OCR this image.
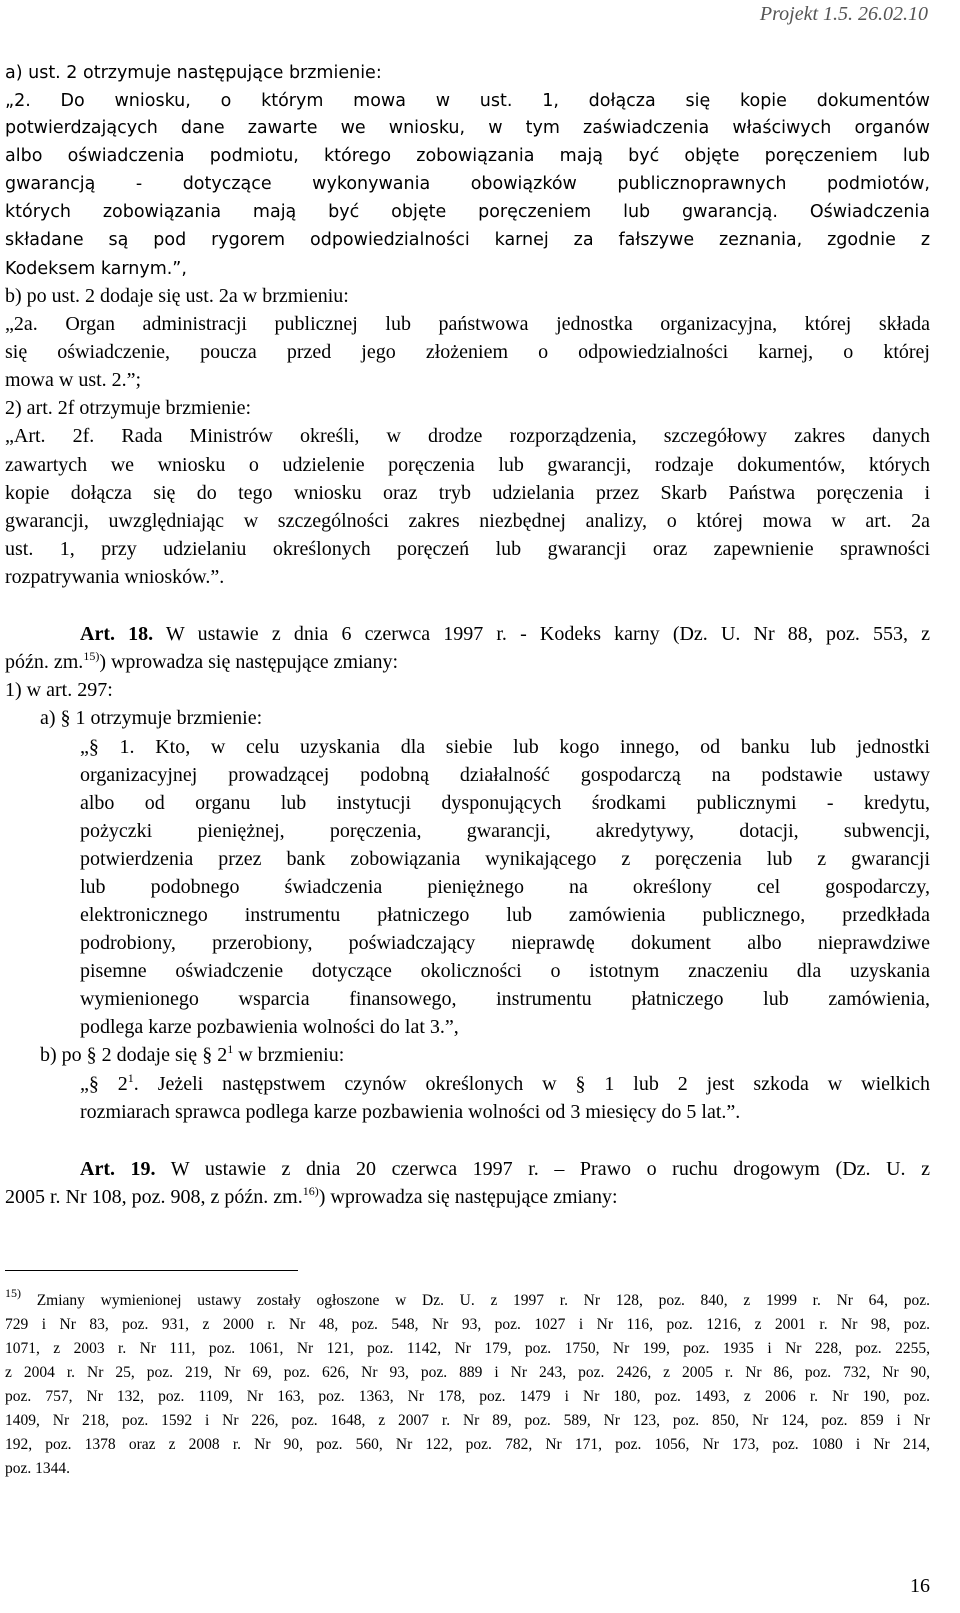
Projekt 1.5. 26.02.10
a) ust. 2 otrzymuje następujące brzmienie:
„2. Do wniosku, o którym mowa w ust. 1, dołącza się kopie dokumentów
potwierdzających dane zawarte we wniosku, w tym zaświadczenia właściwych organów
albo oświadczenia podmiotu, którego zobowiązania mają być objęte poręczeniem lub
gwarancją - dotyczące wykonywania obowiązków publicznoprawnych podmiotów,
których zobowiązania mają być objęte poręczeniem lub gwarancją. Oświadczenia
składane są pod rygorem odpowiedzialności karnej za fałszywe zeznania, zgodnie z
Kodeksem karnym.”,
b) po ust. 2 dodaje się ust. 2a w brzmieniu:
„2a. Organ administracji publicznej lub państwowa jednostka organizacyjna, której składa
się oświadczenie, poucza przed jego złożeniem o odpowiedzialności karnej, o której
mowa w ust. 2.”;
2) art. 2f otrzymuje brzmienie:
„Art. 2f. Rada Ministrów określi, w drodze rozporządzenia, szczegółowy zakres danych
zawartych we wniosku o udzielenie poręczenia lub gwarancji, rodzaje dokumentów, których
kopie dołącza się do tego wniosku oraz tryb udzielania przez Skarb Państwa poręczenia i
gwarancji, uwzględniając w szczególności zakres niezbędnej analizy, o której mowa w art. 2a
ust. 1, przy udzielaniu określonych poręczeń lub gwarancji oraz zapewnienie sprawności
rozpatrywania wniosków.”.
Art. 18. W ustawie z dnia 6 czerwca 1997 r. - Kodeks karny (Dz. U. Nr 88, poz. 553, z
późn. zm.$^{15)}$) wprowadza się następujące zmiany:
1) w art. 297:
a) § 1 otrzymuje brzmienie:
„§ 1. Kto, w celu uzyskania dla siebie lub kogo innego, od banku lub jednostki
organizacyjnej prowadzącej podobną działalność gospodarczą na podstawie ustawy
albo od organu lub instytucji dysponujących środkami publicznymi - kredytu,
pożyczki pieniężnej, poręczenia, gwarancji, akredytywy, dotacji, subwencji,
potwierdzenia przez bank zobowiązania wynikającego z poręczenia lub z gwarancji
lub podobnego świadczenia pieniężnego na określony cel gospodarczy,
elektronicznego instrumentu płatniczego lub zamówienia publicznego, przedkłada
podrobiony, przerobiony, poświadczający nieprawdę dokument albo nieprawdziwe
pisemne oświadczenie dotyczące okoliczności o istotnym znaczeniu dla uzyskania
wymienionego wsparcia finansowego, instrumentu płatniczego lub zamówienia,
podlega karze pozbawienia wolności do lat 3.”,
b) po § 2 dodaje się § $2^1$ w brzmieniu:
„§ $2^1$. Jeżeli następstwem czynów określonych w § 1 lub 2 jest szkoda w wielkich
rozmiarach sprawca podlega karze pozbawienia wolności od 3 miesięcy do 5 lat.”.
Art. 19. W ustawie z dnia 20 czerwca 1997 r. – Prawo o ruchu drogowym (Dz. U. z
2005 r. Nr 108, poz. 908, z późn. zm.$^{16)}$) wprowadza się następujące zmiany:
$^{15)}$ Zmiany wymienionej ustawy zostały ogłoszone w Dz. U. z 1997 r. Nr 128, poz. 840, z 1999 r. Nr 64, poz.
729 i Nr 83, poz. 931, z 2000 r. Nr 48, poz. 548, Nr 93, poz. 1027 i Nr 116, poz. 1216, z 2001 r. Nr 98, poz.
1071, z 2003 r. Nr 111, poz. 1061, Nr 121, poz. 1142, Nr 179, poz. 1750, Nr 199, poz. 1935 i Nr 228, poz. 2255,
z 2004 r. Nr 25, poz. 219, Nr 69, poz. 626, Nr 93, poz. 889 i Nr 243, poz. 2426, z 2005 r. Nr 86, poz. 732, Nr 90,
poz. 757, Nr 132, poz. 1109, Nr 163, poz. 1363, Nr 178, poz. 1479 i Nr 180, poz. 1493, z 2006 r. Nr 190, poz.
1409, Nr 218, poz. 1592 i Nr 226, poz. 1648, z 2007 r. Nr 89, poz. 589, Nr 123, poz. 850, Nr 124, poz. 859 i Nr
192, poz. 1378 oraz z 2008 r. Nr 90, poz. 560, Nr 122, poz. 782, Nr 171, poz. 1056, Nr 173, poz. 1080 i Nr 214,
poz. 1344.
16
